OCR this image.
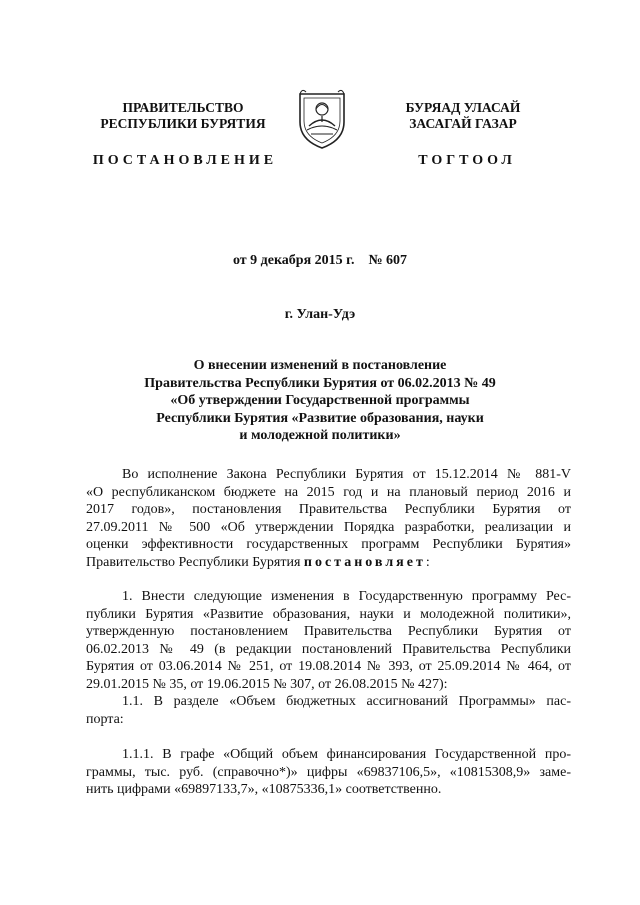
ПРАВИТЕЛЬСТВО
РЕСПУБЛИКИ БУРЯТИЯ
БУРЯАД УЛАСАЙ
ЗАСАГАЙ ГАЗАР
ПОСТАНОВЛЕНИЕ	ТОГТООЛ
от 9 декабря 2015 г. № 607
г. Улан-Удэ
О внесении изменений в постановление
Правительства Республики Бурятия от 06.02.2013 № 49
«Об утверждении Государственной программы
Республики Бурятия «Развитие образования, науки
и молодежной политики»
Во исполнение Закона Республики Бурятия от 15.12.2014 № 881-V
«О республиканском бюджете на 2015 год и на плановый период 2016 и
2017 годов», постановления Правительства Республики Бурятия от
27.09.2011 № 500 «Об утверждении Порядка разработки, реализации и
оценки эффективности государственных программ Республики Бурятия»
Правительство Республики Бурятия постановляет:
1. Внести следующие изменения в Государственную программу Рес-
публики Бурятия «Развитие образования, науки и молодежной политики»,
утвержденную постановлением Правительства Республики Бурятия от
06.02.2013 № 49 (в редакции постановлений Правительства Республики
Бурятия от 03.06.2014 № 251, от 19.08.2014 № 393, от 25.09.2014 № 464, от
29.01.2015 № 35, от 19.06.2015 № 307, от 26.08.2015 № 427):
1.1. В разделе «Объем бюджетных ассигнований Программы» пас-
порта:
1.1.1. В графе «Общий объем финансирования Государственной про-
граммы, тыс. руб. (справочно*)» цифры «69837106,5», «10815308,9» заме-
нить цифрами «69897133,7», «10875336,1» соответственно.
